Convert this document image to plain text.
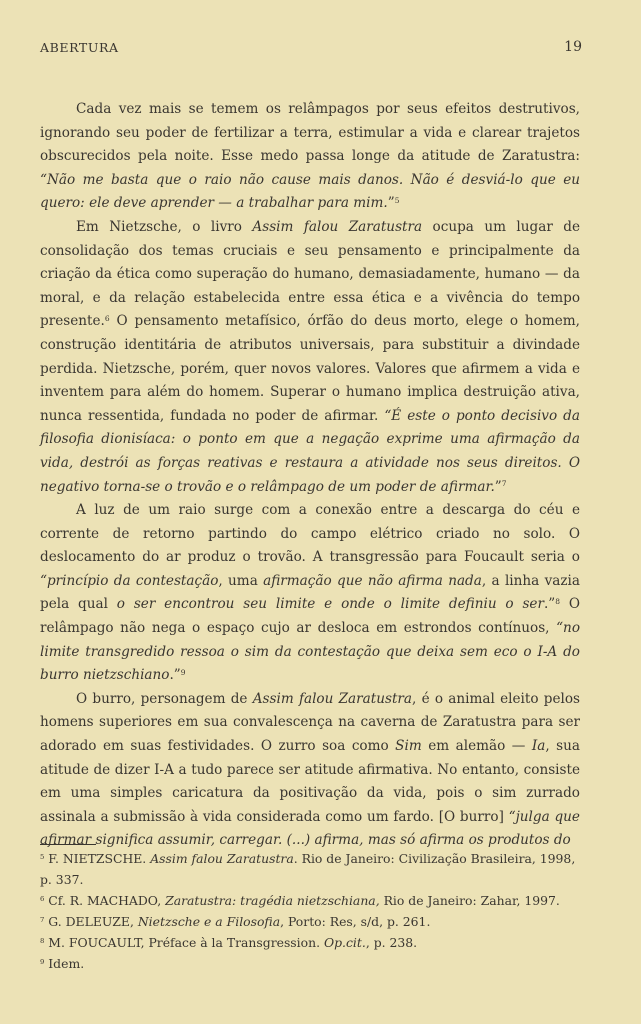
ABERTURA	19

Cada vez mais se temem os relâmpagos por seus efeitos destrutivos, ignorando seu poder de fertilizar a terra, estimular a vida e clarear trajetos obscurecidos pela noite. Esse medo passa longe da atitude de Zaratustra: “Não me basta que o raio não cause mais danos. Não é desviá-lo que eu quero: ele deve aprender — a trabalhar para mim.”$^5$

Em Nietzsche, o livro Assim falou Zaratustra ocupa um lugar de consolidação dos temas cruciais e seu pensamento e principalmente da criação da ética como superação do humano, demasiadamente, humano — da moral, e da relação estabelecida entre essa ética e a vivência do tempo presente.$^6$ O pensamento metafísico, órfão do deus morto, elege o homem, construção identitária de atributos universais, para substituir a divindade perdida. Nietzsche, porém, quer novos valores. Valores que afirmem a vida e inventem para além do homem. Superar o humano implica destruição ativa, nunca ressentida, fundada no poder de afirmar. “É este o ponto decisivo da filosofia dionisíaca: o ponto em que a negação exprime uma afirmação da vida, destrói as forças reativas e restaura a atividade nos seus direitos. O negativo torna-se o trovão e o relâmpago de um poder de afirmar.”$^7$

A luz de um raio surge com a conexão entre a descarga do céu e corrente de retorno partindo do campo elétrico criado no solo. O deslocamento do ar produz o trovão. A transgressão para Foucault seria o “princípio da contestação, uma afirmação que não afirma nada, a linha vazia pela qual o ser encontrou seu limite e onde o limite definiu o ser.”$^8$ O relâmpago não nega o espaço cujo ar desloca em estrondos contínuos, “no limite transgredido ressoa o sim da contestação que deixa sem eco o I-A do burro nietzschiano.”$^9$

O burro, personagem de Assim falou Zaratustra, é o animal eleito pelos homens superiores em sua convalescença na caverna de Zaratustra para ser adorado em suas festividades. O zurro soa como Sim em alemão — Ia, sua atitude de dizer I-A a tudo parece ser atitude afirmativa. No entanto, consiste em uma simples caricatura da positivação da vida, pois o sim zurrado assinala a submissão à vida considerada como um fardo. [O burro] “julga que afirmar significa assumir, carregar. (...) afirma, mas só afirma os produtos do

$^5$ F. NIETZSCHE. Assim falou Zaratustra. Rio de Janeiro: Civilização Brasileira, 1998, p. 337.

$^6$ Cf. R. MACHADO, Zaratustra: tragédia nietzschiana, Rio de Janeiro: Zahar, 1997.

$^7$ G. DELEUZE, Nietzsche e a Filosofia, Porto: Res, s/d, p. 261.

$^8$ M. FOUCAULT, Préface à la Transgression. Op.cit., p. 238.

$^9$ Idem.
